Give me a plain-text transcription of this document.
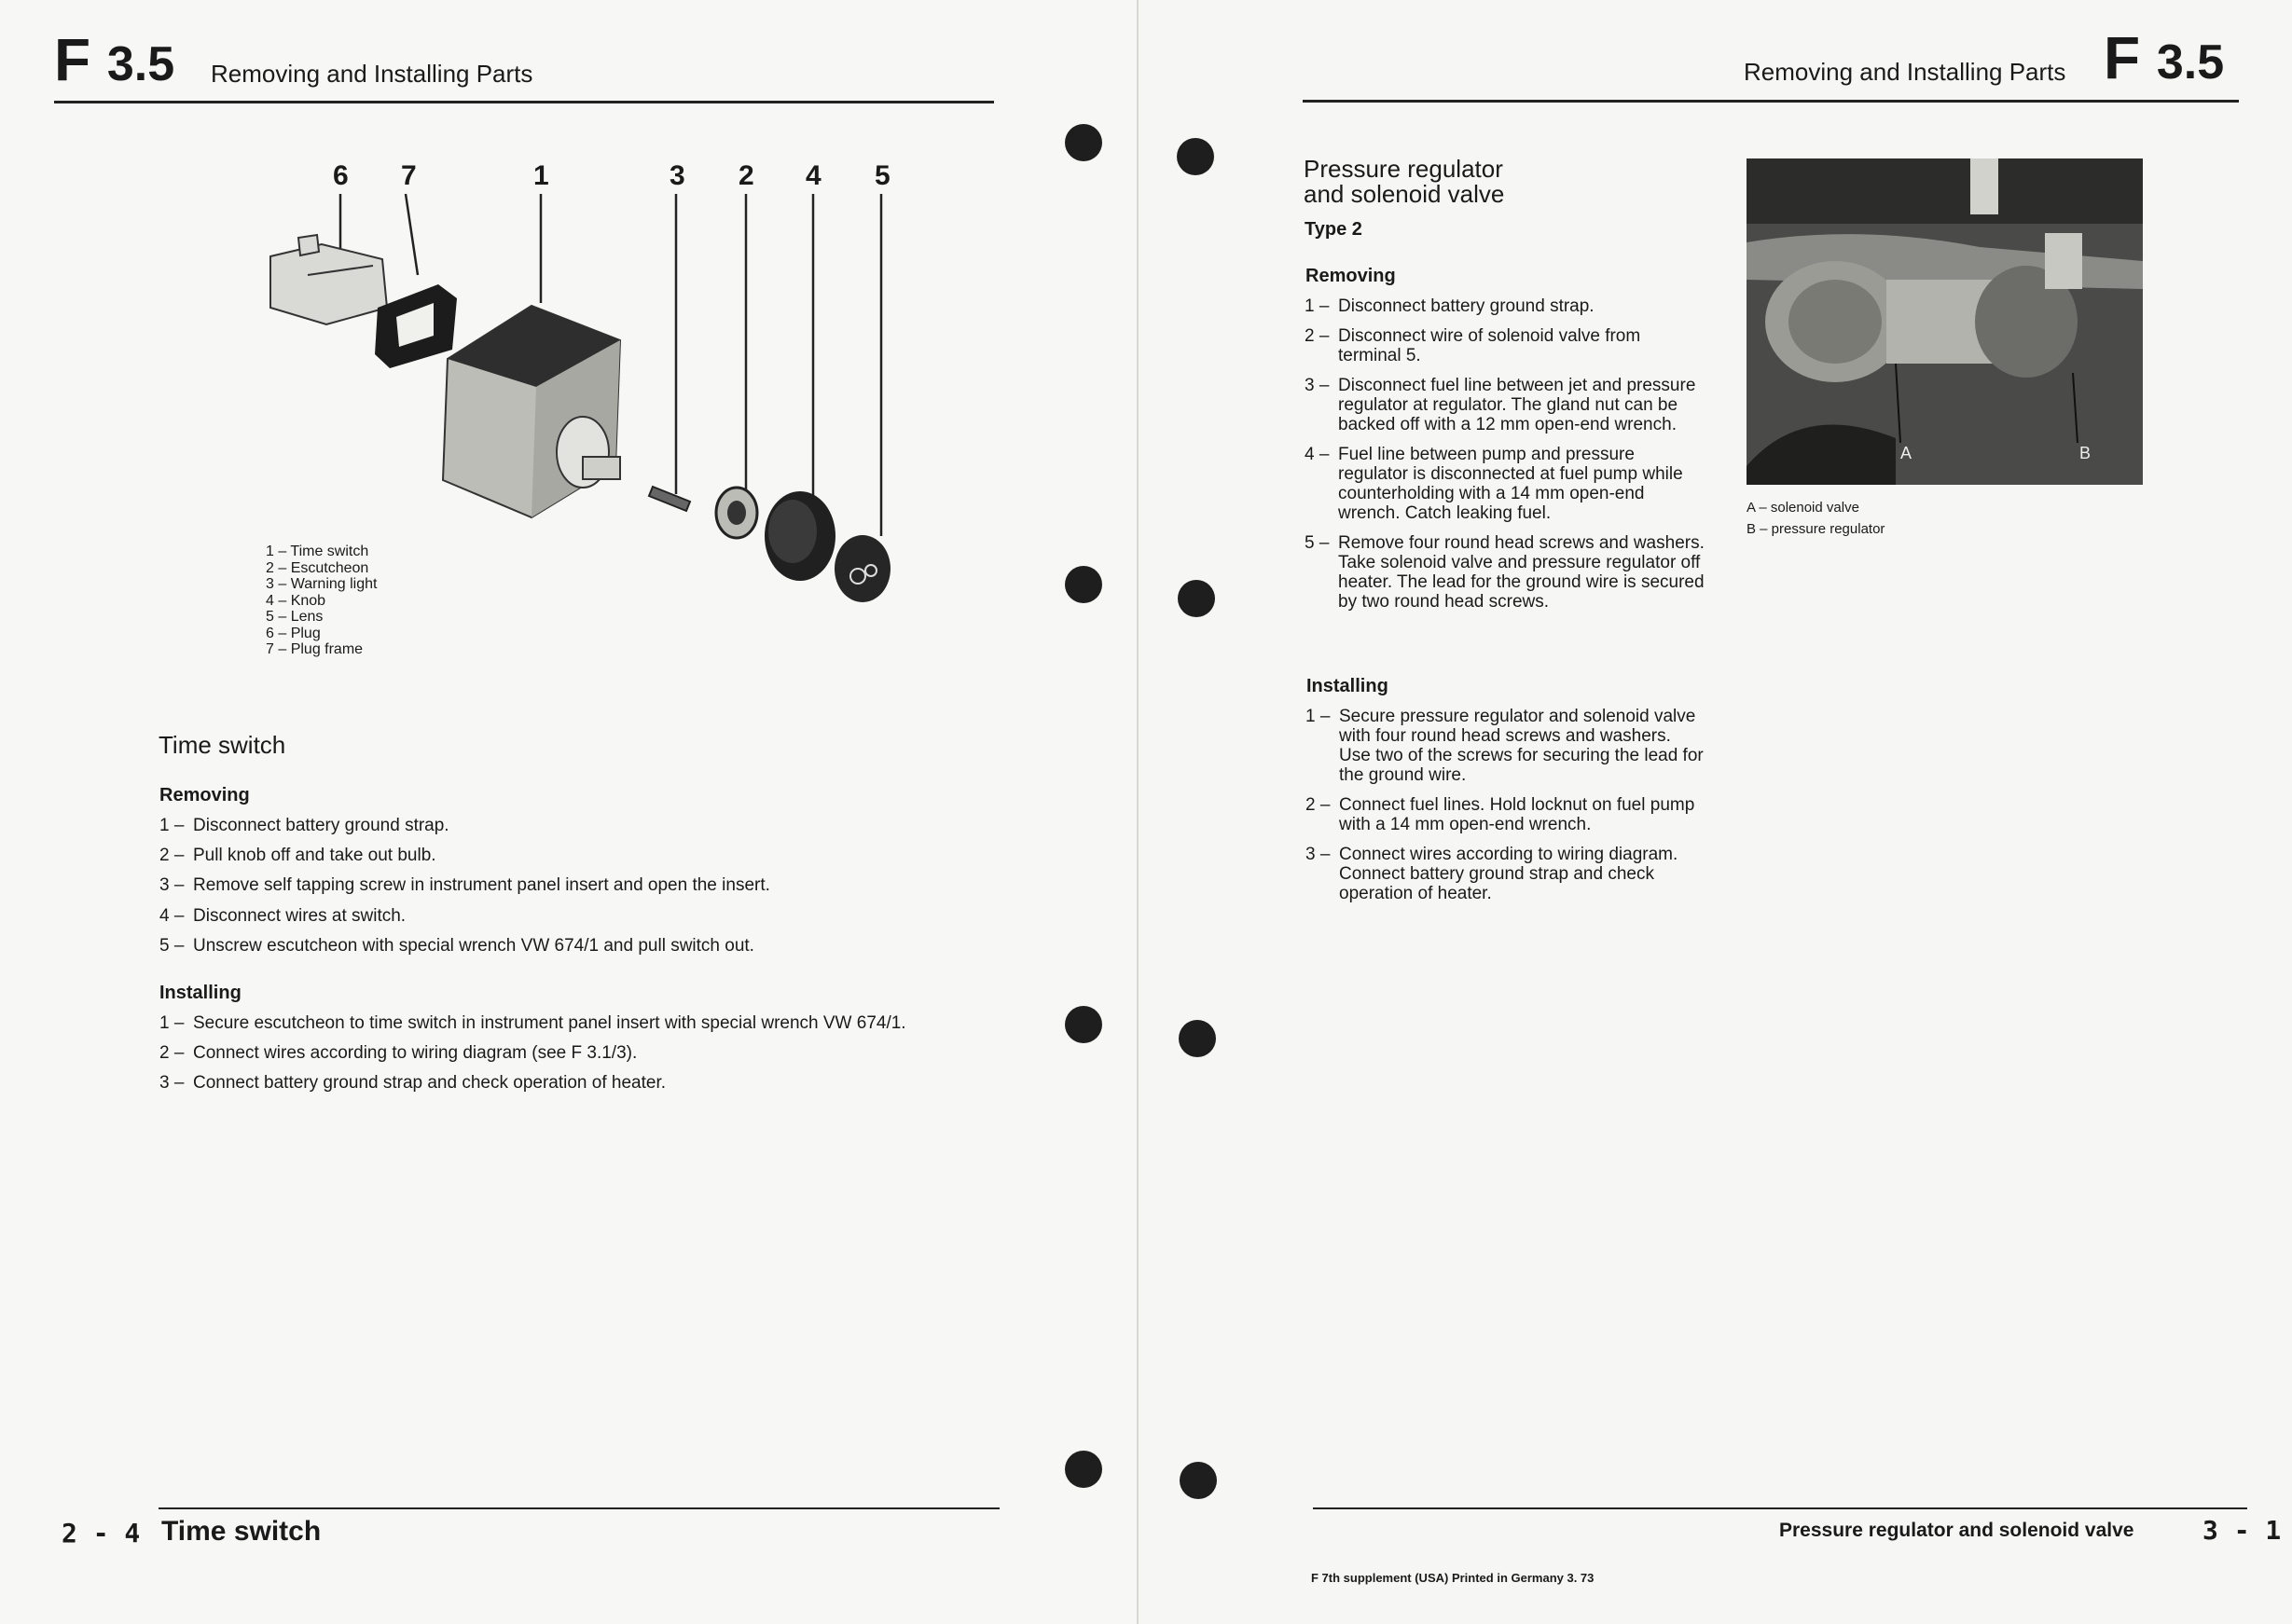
F 3.5 Removing and Installing Parts
6 7	1	3 2 4 5
1 – Time switch
2 – Escutcheon
3 – Warning light
4 – Knob
5 – Lens
6 – Plug
7 – Plug frame
Time switch
Removing
1 – Disconnect battery ground strap.
2 – Pull knob off and take out bulb.
3 – Remove self tapping screw in instrument panel insert and open the insert.
4 – Disconnect wires at switch.
5 – Unscrew escutcheon with special wrench VW 674/1 and pull switch out.
Installing
1 – Secure escutcheon to time switch in instrument panel insert with special wrench VW 674/1.
2 – Connect wires according to wiring diagram (see F 3.1/3).
3 – Connect battery ground strap and check operation of heater.
2 - 4 Time switch
Removing and Installing Parts F 3.5
Pressure regulator
and solenoid valve
Type 2
Removing
1 – Disconnect battery ground strap.
2 – Disconnect wire of solenoid valve from terminal 5.
3 – Disconnect fuel line between jet and pressure regulator at regulator. The gland nut can be backed off with a 12 mm open-end wrench.
4 – Fuel line between pump and pressure regulator is disconnected at fuel pump while counterholding with a 14 mm open-end wrench. Catch leaking fuel.
5 – Remove four round head screws and washers. Take solenoid valve and pressure regulator off heater. The lead for the ground wire is secured by two round head screws.
Installing
1 – Secure pressure regulator and solenoid valve with four round head screws and washers. Use two of the screws for securing the lead for the ground wire.
2 – Connect fuel lines. Hold locknut on fuel pump with a 14 mm open-end wrench.
3 – Connect wires according to wiring diagram. Connect battery ground strap and check operation of heater.
A	B
A – solenoid valve
B – pressure regulator
Pressure regulator and solenoid valve	3 - 1
F 7th supplement (USA) Printed in Germany 3. 73
